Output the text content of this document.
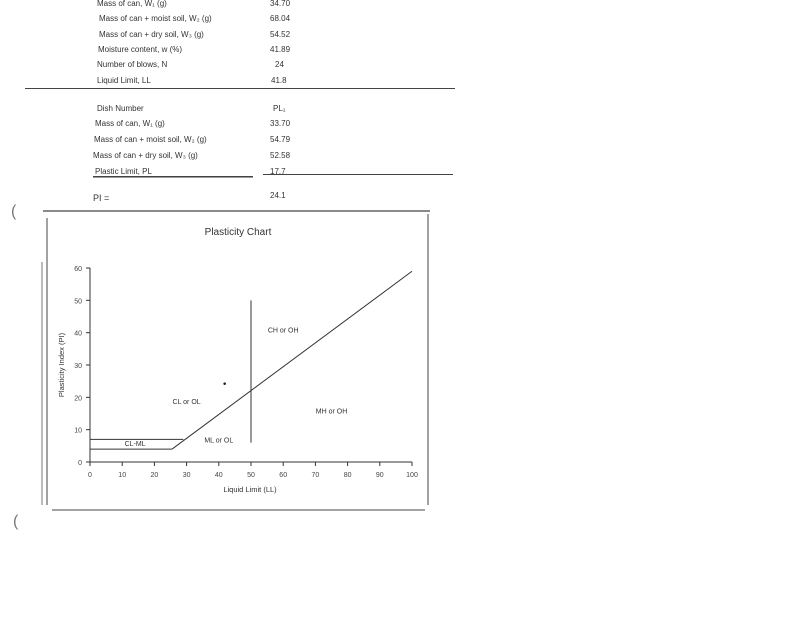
Mass of can, W₁ (g)	34.70
Mass of can + moist soil, W₂ (g)	68.04
Mass of can + dry soil, W₃ (g)	54.52
Moisture content, w (%)	41.89
Number of blows, N	24
Liquid Limit, LL	41.8
Dish Number	PL₁
Mass of can, W₁ (g)	33.70
Mass of can + moist soil, W₂ (g)	54.79
Mass of can + dry soil, W₃ (g)	52.58
Plastic Limit, PL	17.7
PI =	24.1
(
(
Plasticity Chart
0
10
20
30
40
50
60
0	10	20	30	40	50	60	70	80	90	100
Liquid Limit (LL)
Plasticity Index (PI)
CH or OH
CL or OL
MH or OH
ML or OL
CL-ML
•
